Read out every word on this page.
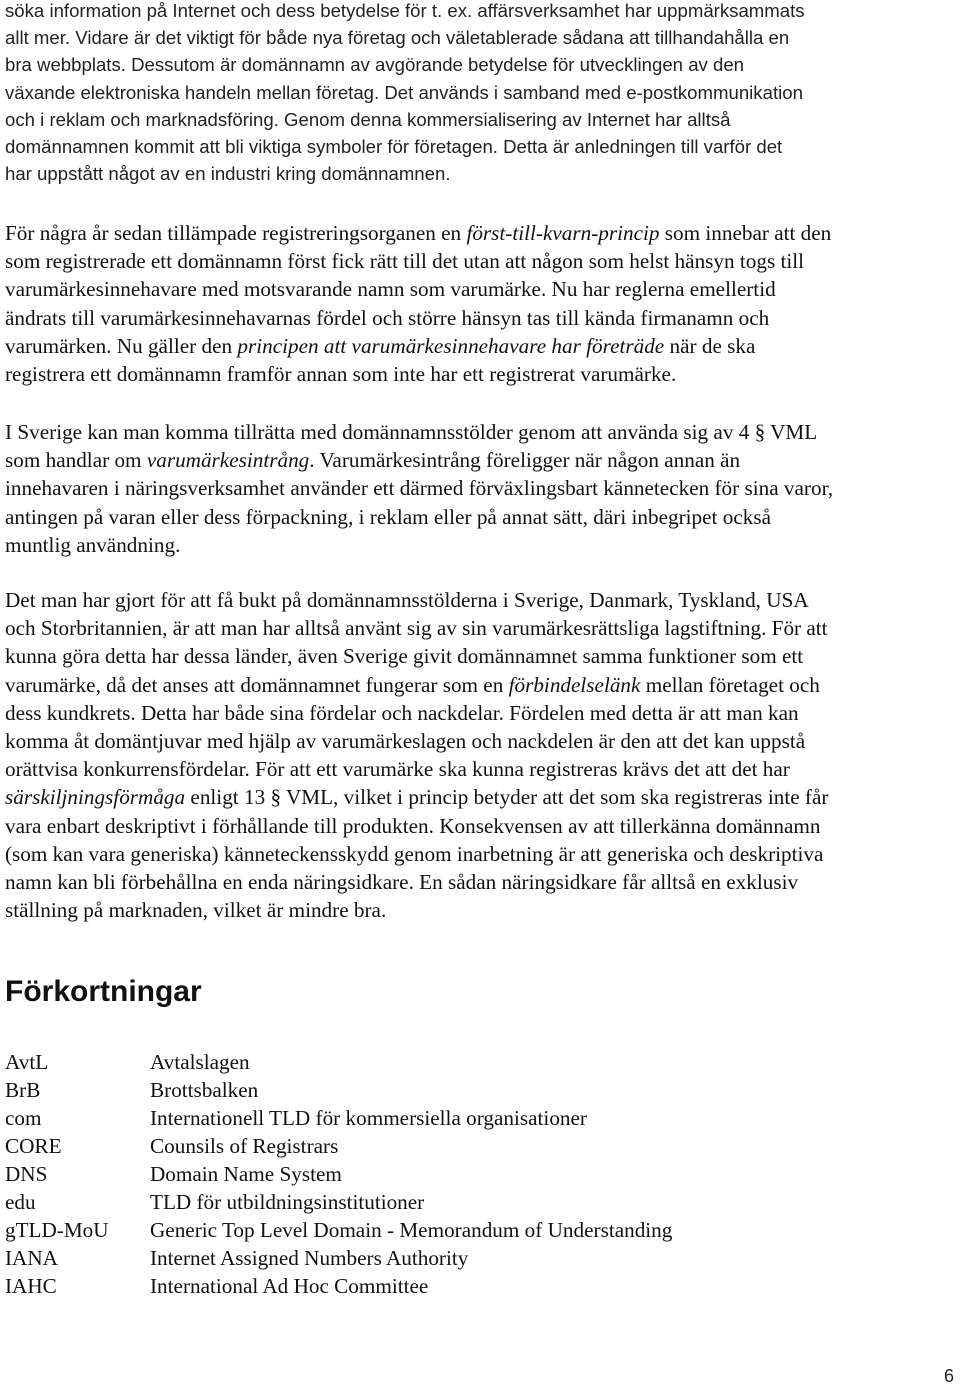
söka information på Internet och dess betydelse för t. ex. affärsverksamhet har uppmärksammats
allt mer. Vidare är det viktigt för både nya företag och väletablerade sådana att tillhandahålla en
bra webbplats. Dessutom är domännamn av avgörande betydelse för utvecklingen av den
växande elektroniska handeln mellan företag. Det används i samband med e-postkommunikation
och i reklam och marknadsföring. Genom denna kommersialisering av Internet har alltså
domännamnen kommit att bli viktiga symboler för företagen. Detta är anledningen till varför det
har uppstått något av en industri kring domännamnen.
För några år sedan tillämpade registreringsorganen en först-till-kvarn-princip som innebar att den
som registrerade ett domännamn först fick rätt till det utan att någon som helst hänsyn togs till
varumärkesinnehavare med motsvarande namn som varumärke. Nu har reglerna emellertid
ändrats till varumärkesinnehavarnas fördel och större hänsyn tas till kända firmanamn och
varumärken. Nu gäller den principen att varumärkesinnehavare har företräde när de ska
registrera ett domännamn framför annan som inte har ett registrerat varumärke.
I Sverige kan man komma tillrätta med domännamnsstölder genom att använda sig av 4 § VML
som handlar om varumärkesintrång. Varumärkesintrång föreligger när någon annan än
innehavaren i näringsverksamhet använder ett därmed förväxlingsbart kännetecken för sina varor,
antingen på varan eller dess förpackning, i reklam eller på annat sätt, däri inbegripet också
muntlig användning.
Det man har gjort för att få bukt på domännamnsstölderna i Sverige, Danmark, Tyskland, USA
och Storbritannien, är att man har alltså använt sig av sin varumärkesrättsliga lagstiftning. För att
kunna göra detta har dessa länder, även Sverige givit domännamnet samma funktioner som ett
varumärke, då det anses att domännamnet fungerar som en förbindelselänk mellan företaget och
dess kundkrets. Detta har både sina fördelar och nackdelar. Fördelen med detta är att man kan
komma åt domäntjuvar med hjälp av varumärkeslagen och nackdelen är den att det kan uppstå
orättvisa konkurrensfördelar. För att ett varumärke ska kunna registreras krävs det att det har
särskiljningsförmåga enligt 13 § VML, vilket i princip betyder att det som ska registreras inte får
vara enbart deskriptivt i förhållande till produkten. Konsekvensen av att tillerkänna domännamn
(som kan vara generiska) känneteckensskydd genom inarbetning är att generiska och deskriptiva
namn kan bli förbehållna en enda näringsidkare. En sådan näringsidkare får alltså en exklusiv
ställning på marknaden, vilket är mindre bra.
Förkortningar
AvtL	Avtalslagen
BrB	Brottsbalken
com	Internationell TLD för kommersiella organisationer
CORE	Counsils of Registrars
DNS	Domain Name System
edu	TLD för utbildningsinstitutioner
gTLD-MoU Generic Top Level Domain - Memorandum of Understanding
IANA	Internet Assigned Numbers Authority
IAHC	International Ad Hoc Committee
6
